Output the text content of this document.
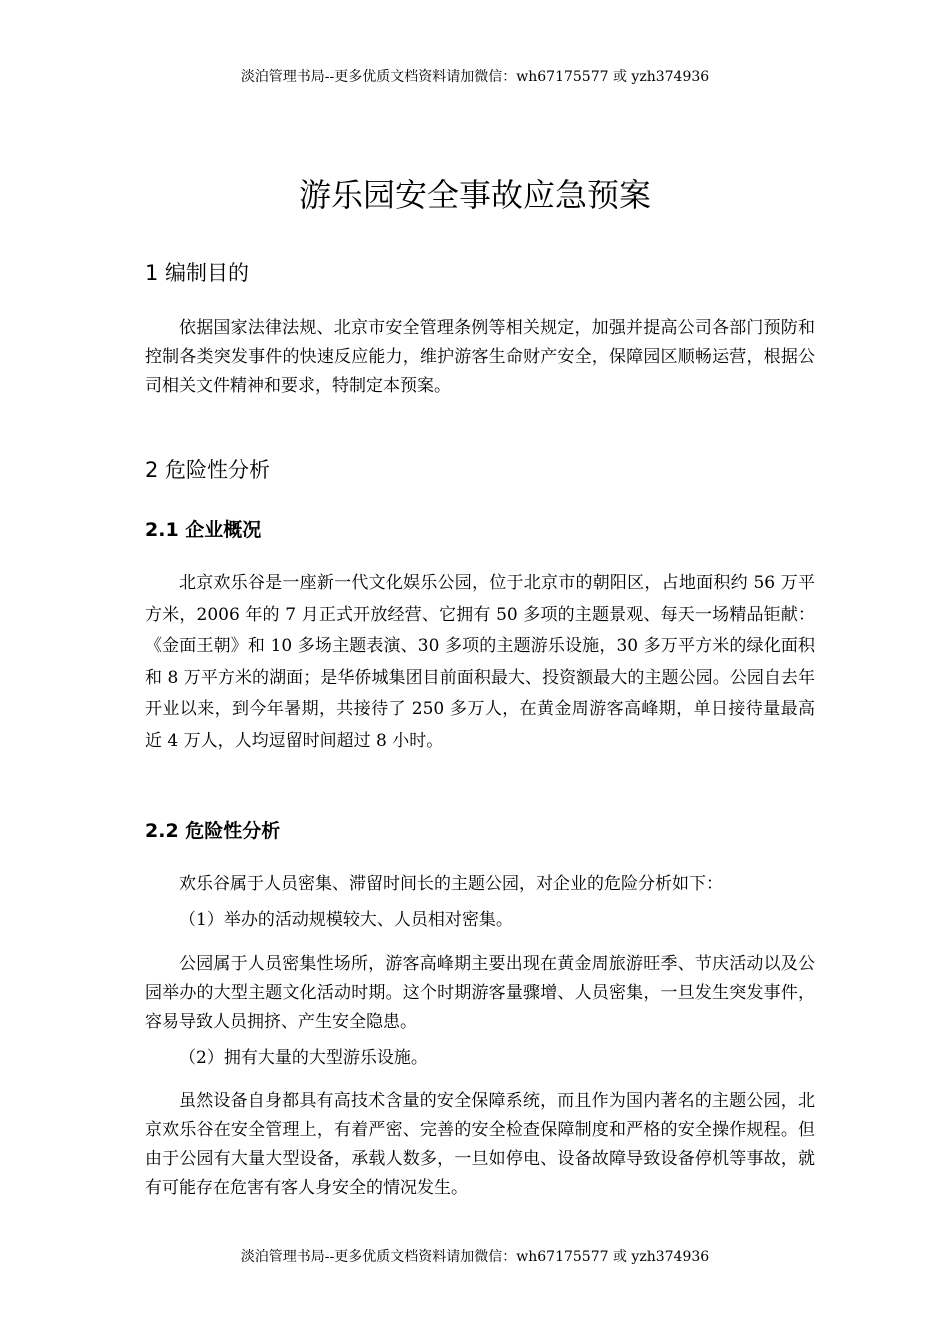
淡泊管理书局--更多优质文档资料请加微信：wh67175577 或 yzh374936
游乐园安全事故应急预案
1 编制目的

依据国家法律法规、北京市安全管理条例等相关规定，加强并提高公司各部门预防和控制各类突发事件的快速反应能力，维护游客生命财产安全，保障园区顺畅运营，根据公司相关文件精神和要求，特制定本预案。

2 危险性分析
2.1 企业概况

北京欢乐谷是一座新一代文化娱乐公园，位于北京市的朝阳区，占地面积约 56 万平方米，2006 年的 7 月正式开放经营、它拥有 50 多项的主题景观、每天一场精品钜献：《金面王朝》和 10 多场主题表演、30 多项的主题游乐设施，30 多万平方米的绿化面积和 8 万平方米的湖面；是华侨城集团目前面积最大、投资额最大的主题公园。公园自去年开业以来，到今年暑期，共接待了 250 多万人，在黄金周游客高峰期，单日接待量最高近 4 万人，人均逗留时间超过 8 小时。

2.2 危险性分析

欢乐谷属于人员密集、滞留时间长的主题公园，对企业的危险分析如下：

（1）举办的活动规模较大、人员相对密集。

公园属于人员密集性场所，游客高峰期主要出现在黄金周旅游旺季、节庆活动以及公园举办的大型主题文化活动时期。这个时期游客量骤增、人员密集，一旦发生突发事件，容易导致人员拥挤、产生安全隐患。

（2）拥有大量的大型游乐设施。

虽然设备自身都具有高技术含量的安全保障系统，而且作为国内著名的主题公园，北京欢乐谷在安全管理上，有着严密、完善的安全检查保障制度和严格的安全操作规程。但由于公园有大量大型设备，承载人数多，一旦如停电、设备故障导致设备停机等事故，就有可能存在危害有客人身安全的情况发生。

淡泊管理书局--更多优质文档资料请加微信：wh67175577 或 yzh374936
